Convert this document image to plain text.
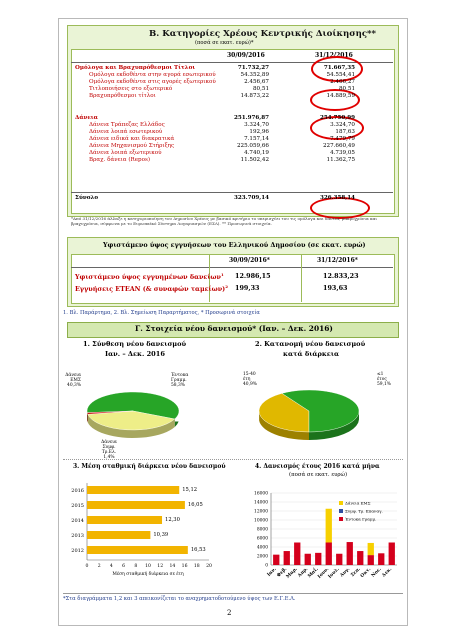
Β. Κατηγορίες Χρέους Κεντρικής Διοίκησης**
(ποσά σε εκατ. ευρώ)*
30/09/2016	31/12/2016
*Από 31/12/2016 άλλαξε η κατηγοριοποίηση του Δημοσίου Χρέους με βασικό κριτήριο το υπερισχύει του τις ομόλογα και δάνεια, μακροχρόνια και βραχυχρόνια, σύμφωνα με το Ευρωπαϊκό Σύστημα Λογαριασμών (ΕΣΛ). ** Προσωρινά στοιχεία.
Υφιστάμενο ύψος εγγυήσεων του Ελληνικού Δημοσίου (σε εκατ. ευρώ)
30/09/2016*	31/12/2016*
1. Βλ. Παράρτημα, 2. Βλ. Σημείωση Παραρτήματος, * Προσωρινά στοιχεία
Γ. Στοιχεία νέου δανεισμού* (Ιαν. – Δεκ. 2016)
1. Σύνθεση νέου δανεισμού
Ιαν. – Δεκ. 2016
2. Κατανομή νέου δανεισμού
κατά διάρκεια
Έντοκα
Γραμμ.
58,3%
Δάνεια
ΕΜΣ
40,3%
Δάνεια
Συμφ.
Τρ.Ελ.
1,4%
15-40
έτη
40,9%
≤1
έτος
59,1%
3. Μέση σταθμική διάρκεια νέου δανεισμού	4. Δανεισμός έτους 2016 κατά μήνα
(ποσά σε εκατ. ευρώ)
2016	15,12
2015	16,05
2014	12,30
2013	10,39
2012	16,53
0 2 4 6 8 10 12 14 16 18 20
Μέση σταθμική διάρκεια σε έτη
0
2000
4000
6000
8000
10000
12000
14000
16000
Ιαν.
Φεβ.
Μαρ.
Απρ.
Μαΐ.
Ιουν.
Ιουλ.
Αυγ. Σεπ.
Οκτ.
Νοε.
Δεκ.
Δάνεια ΕΜΣ
Συμφ. Τρ. Επαναγ.
Έντοκα Γραμμ.
*Στα διαγράμματα 1,2 και 3 απεικονίζεται το αναχρηματοδοτούμενο ύψος των Ε.Γ.Ε.Λ.
2
Ομόλογα και Βραχυπρόθεσμοι Τίτλοι	71.732,27	71.667,35
Ομόλογα εκδοθέντα στην αγορά εσωτερικού	54.352,89	54.554,41
Ομόλογα εκδοθέντα στις αγορές εξωτερικού	2.456,67	2.466,27
Τιτλοποιήσεις στο εξωτερικό	80,51	80,51
Βραχυπρόθεσμοι τίτλοι	14.873,22	14.889,59
Δάνεια	251.976,87	254.750,99
Δάνεια Τράπεζας Ελλάδος	3.324,70	3.324,70
Δάνεια λοιπά εσωτερικού	192,96	187,63
Δάνεια ειδικά και διακρατικά	7.157,14	7.479,79
Δάνεια Μηχανισμού Στήριξης	225.059,66	227.660,49
Δάνεια λοιπά εξωτερικού	4.740,19	4.739,05
Βραχ. δάνεια (Repos)	11.502,42	11.362,75
Σύνολο	323.709,14	326.358,14
Υφιστάμενο ύψος εγγυημένων δανείων$^1$ 12.986,15	12.833,23
Εγγυήσεις ΕΤΕΑΝ (& συναφών ταμείων)$^2$ 199,33	193,63
